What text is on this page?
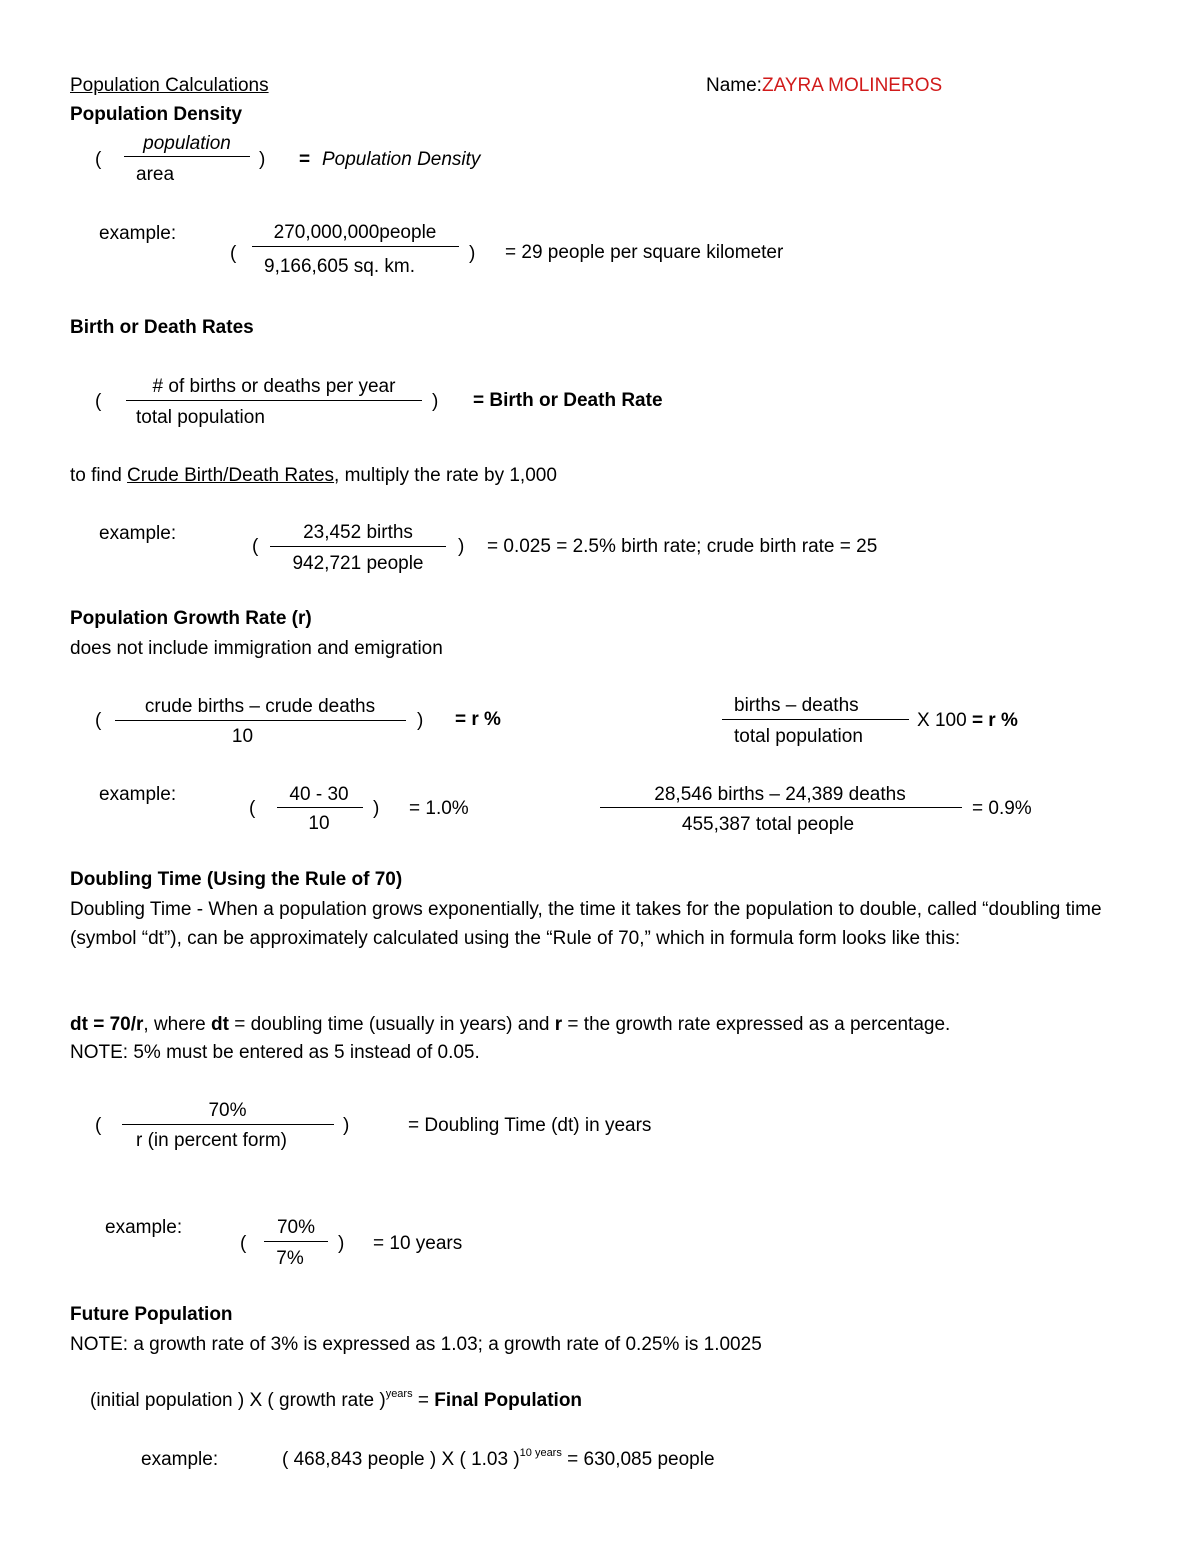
Population Calculations	Name:ZAYRA MOLINEROS
Population Density
(
population
area
) = Population Density
example:
(
270,000,000people
9,166,605 sq. km.
) = 29 people per square kilometer
Birth or Death Rates
(
# of births or deaths per year
total population
) = Birth or Death Rate
to find Crude Birth/Death Rates, multiply the rate by 1,000
example:
(
23,452 births
942,721 people
) = 0.025 = 2.5% birth rate; crude birth rate = 25
Population Growth Rate (r)
does not include immigration and emigration
(
crude births – crude deaths
10
) = r %
births – deaths
total population
X 100 = r %
example:
(
40 - 30
10
) = 1.0%
28,546 births – 24,389 deaths
455,387 total people
= 0.9%
Doubling Time (Using the Rule of 70)
Doubling Time - When a population grows exponentially, the time it takes for the population to double, called “doubling time (symbol “dt”), can be approximately calculated using the “Rule of 70,” which in formula form looks like this:
dt = 70/r, where dt = doubling time (usually in years) and r = the growth rate expressed as a percentage.
NOTE: 5% must be entered as 5 instead of 0.05.
(
70%
r (in percent form)
)	= Doubling Time (dt) in years
example:
(
70%
7%
) = 10 years
Future Population
NOTE: a growth rate of 3% is expressed as 1.03; a growth rate of 0.25% is 1.0025
(initial population ) X ( growth rate )$^{years}$ = Final Population
example:	( 468,843 people ) X ( 1.03 )$^{10 years}$ = 630,085 people
